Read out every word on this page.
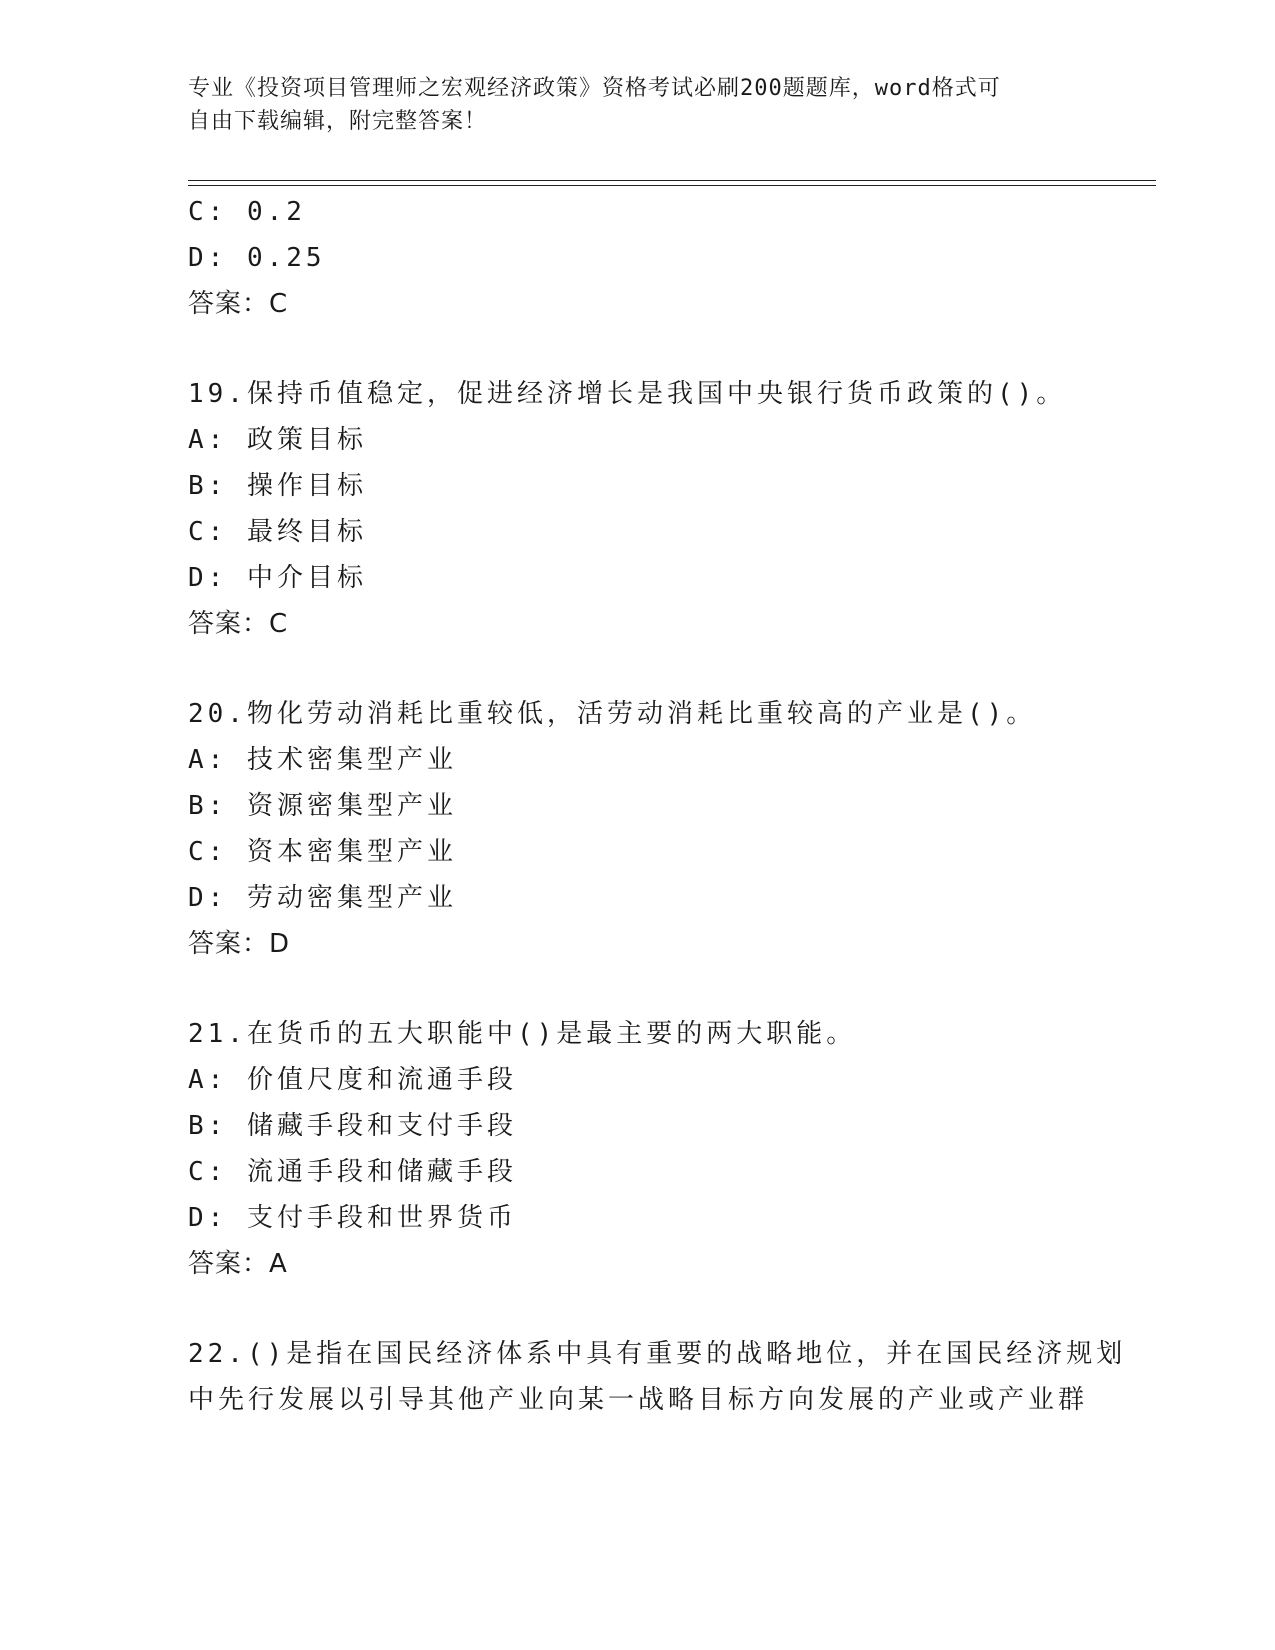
专业《投资项目管理师之宏观经济政策》资格考试必刷200题题库，word格式可
自由下载编辑，附完整答案！
C: 0.2
D: 0.25
答案：C
19.保持币值稳定，促进经济增长是我国中央银行货币政策的()。
A: 政策目标
B: 操作目标
C: 最终目标
D: 中介目标
答案：C
20.物化劳动消耗比重较低，活劳动消耗比重较高的产业是()。
A: 技术密集型产业
B: 资源密集型产业
C: 资本密集型产业
D: 劳动密集型产业
答案：D
21.在货币的五大职能中()是最主要的两大职能。
A: 价值尺度和流通手段
B: 储藏手段和支付手段
C: 流通手段和储藏手段
D: 支付手段和世界货币
答案：A
22.()是指在国民经济体系中具有重要的战略地位，并在国民经济规划
中先行发展以引导其他产业向某一战略目标方向发展的产业或产业群
